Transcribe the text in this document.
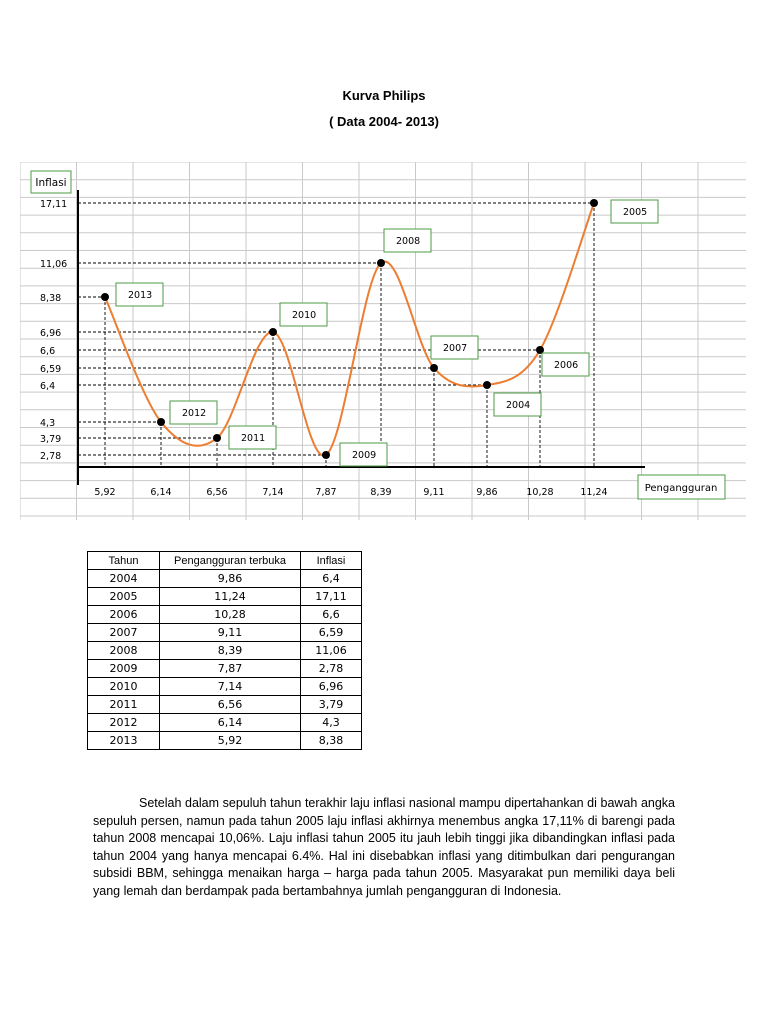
Kurva Philips
( Data 2004- 2013)
Inflasi
Pengangguran
2013
2012
2011
2010
2009
2008
2007
2004
2006
2005
2,78
3,79
4,3
6,4
6,59
6,6
6,96
8,38
11,06
17,11
5,92	6,14	6,56	7,14	7,87	8,39	9,11	9,86	10,28	11,24
Tahun	Pengangguran terbuka	Inflasi
2004	9,86	6,4
2005	11,24	17,11
2006	10,28	6,6
2007	9,11	6,59
2008	8,39	11,06
2009	7,87	2,78
2010	7,14	6,96
2011	6,56	3,79
2012	6,14	4,3
2013	5,92	8,38

Setelah dalam sepuluh tahun terakhir laju inflasi nasional mampu dipertahankan di bawah angka sepuluh persen, namun pada tahun 2005 laju inflasi akhirnya menembus angka 17,11% di barengi pada tahun 2008 mencapai 10,06%. Laju inflasi tahun 2005 itu jauh lebih tinggi jika dibandingkan inflasi pada tahun 2004 yang hanya mencapai 6.4%. Hal ini disebabkan inflasi yang ditimbulkan dari pengurangan subsidi BBM, sehingga menaikan harga – harga pada tahun 2005. Masyarakat pun memiliki daya beli yang lemah dan berdampak pada bertambahnya jumlah pengangguran di Indonesia.
